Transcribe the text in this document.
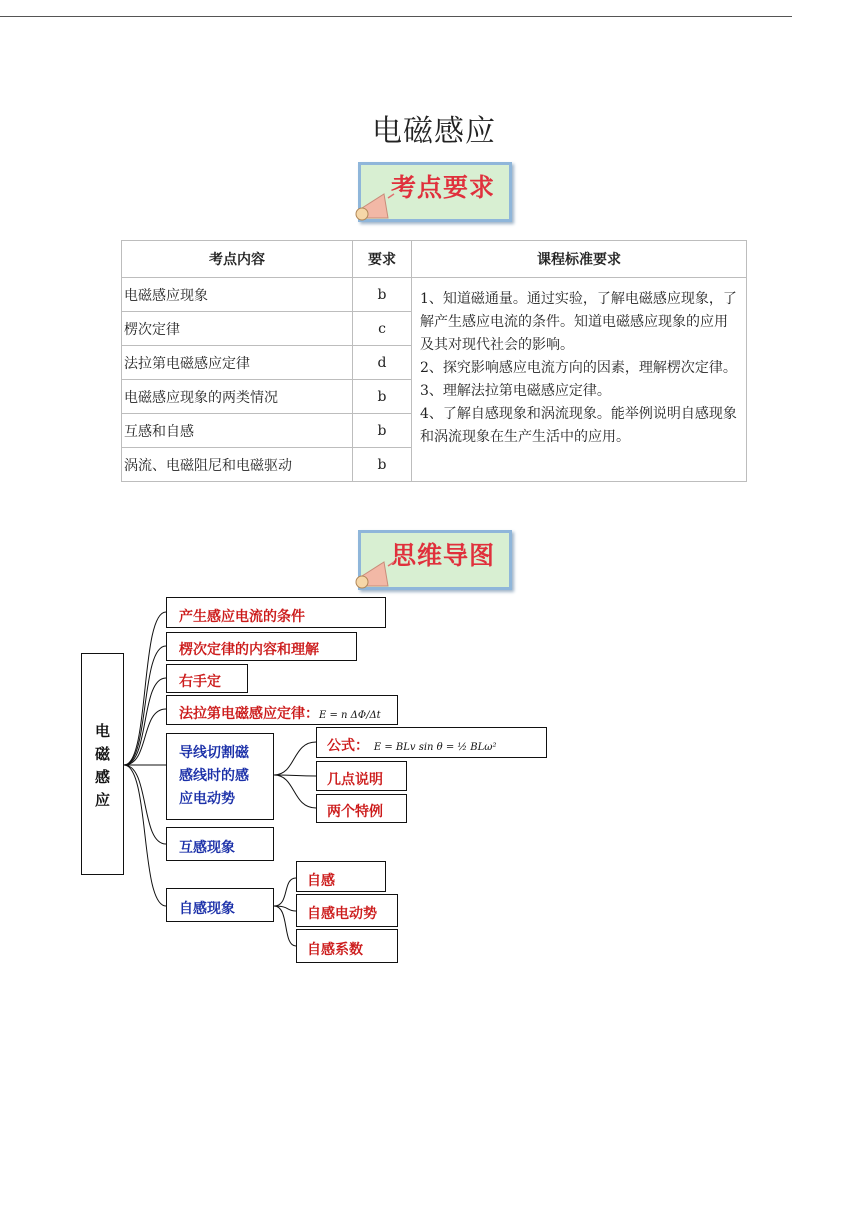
电磁感应
考点要求
考点内容	要求	课程标准要求
电磁感应现象	b	1、知道磁通量。通过实验，了解电磁感应现象，了解产生感应电流的条件。知道电磁感应现象的应用及其对现代社会的影响。
2、探究影响感应电流方向的因素，理解楞次定律。
3、理解法拉第电磁感应定律。
4、了解自感现象和涡流现象。能举例说明自感现象和涡流现象在生产生活中的应用。

楞次定律	c	
法拉第电磁感应定律	d	
电磁感应现象的两类情况	b	
互感和自感	b	
涡流、电磁阻尼和电磁驱动	b	
思维导图
电
磁
感
应
产生感应电流的条件
楞次定律的内容和理解
右手定
法拉第电磁感应定律：E = n ΔΦ/Δt
导线切割磁
感线时的感
应电动势
公式： E = BLv sin θ = ½ BLω²
几点说明
两个特例
互感现象
自感现象
自感
自感电动势
自感系数
